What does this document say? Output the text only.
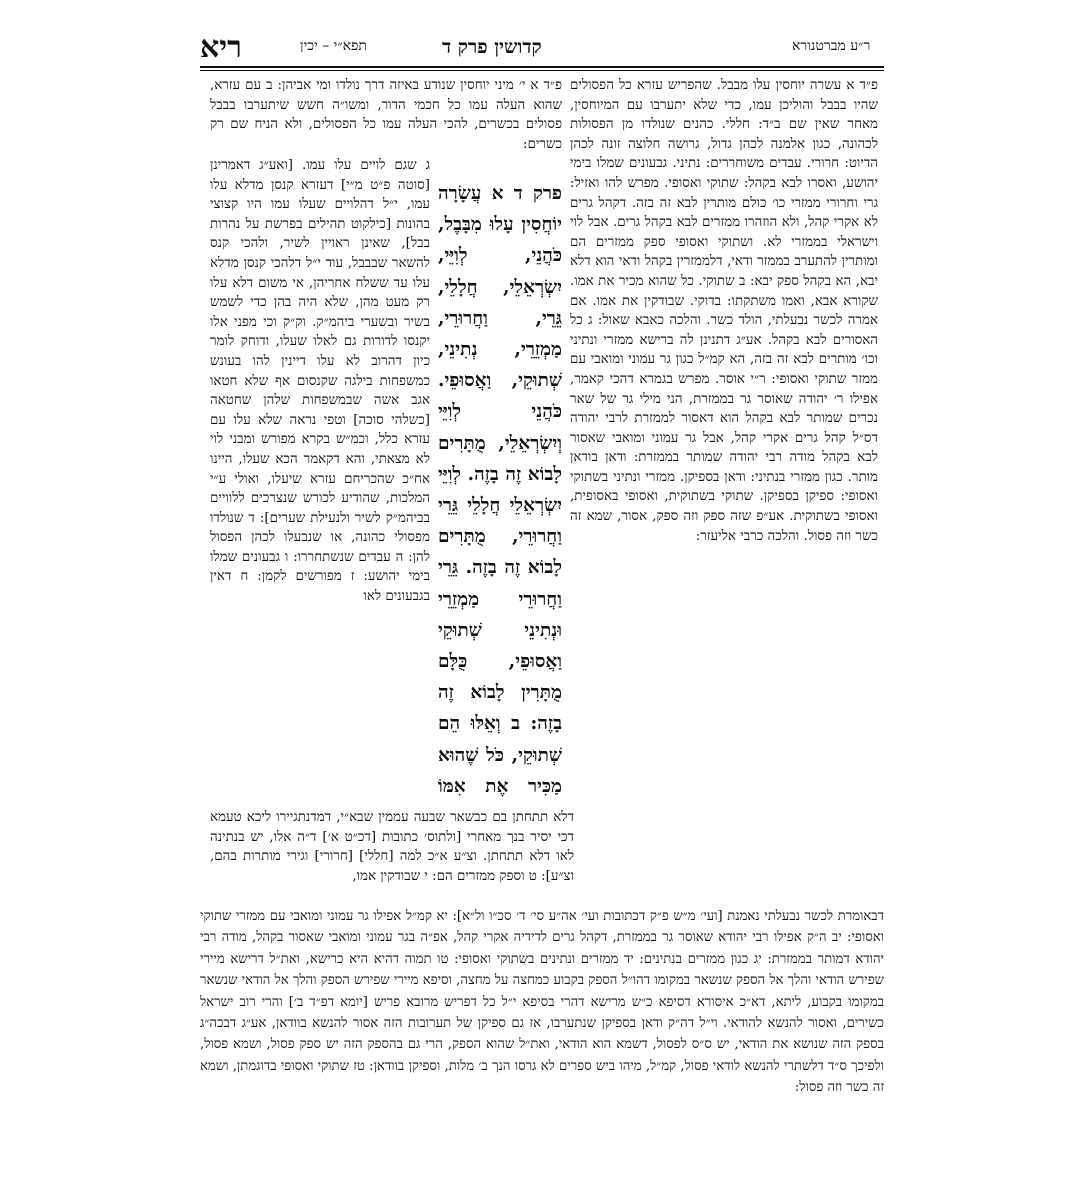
ריא	תפא״י – יכין	קדושין פרק ד	ר״ע מברטנורא
פ״ד א עשרה יוחסין עלו מבבל. שהפריש עזרא כל הפסולים שהיו בבבל והוליכן עמו, כדי שלא יתערבו עם המיוחסין, מאחר שאין שם ב״ד: חללי. כהנים שנולדו מן הפסולות לכהונה, כגון אלמנה לכהן גדול, גרושה חלוצה זונה לכהן הדיוט: חרורי. עבדים משוחררים: נתיני. גבעונים שמלו בימי יהושע, ואסרו לבא בקהל: שתוקי ואסופי. מפרש להו ואזיל: גרי וחרורי ממזרי כו׳ כולם מותרין לבא זה בזה. דקהל גרים לא אקרי קהל, ולא הוזהרו ממזרים לבא בקהל גרים. אבל לוי וישראלי בממזרי לא. ושתוקי ואסופי ספק ממזרים הם ומותרין להתערב בממזר ודאי, דלממזרין בקהל ודאי הוא דלא יבא, הא בקהל ספק יבא: ב שתוקי. כל שהוא מכיר את אמו. שקורא אבא, ואמו משתקתו: בדוקי. שבודקין את אמו. אם אמרה לכשר נבעלתי, הולד כשר. והלכה כאבא שאול: ג כל האסורים לבא בקהל. אע״ג דתנינן לה ברישא ממזרי ונתיני וכו׳ מותרים לבא זה בזה, הא קמ״ל כגון גר עמוני ומואבי עם ממזר שתוקי ואסופי: ר״י אוסר. מפרש בגמרא דהכי קאמר, אפילו ר׳ יהודה שאוסר גר בממזרת, הני מילי גר של שאר נכרים שמותר לבא בקהל הוא דאסור לממזרת לרבי יהודה דס״ל קהל גרים אקרי קהל, אבל גר עמוני ומואבי שאסור לבא בקהל מודה רבי יהודה שמותר בממזרת: ודאן בודאן מותר. כגון ממזרי בנתיני: ודאן בספיקן. ממזרי ונתיני בשתוקי ואסופי: ספיקן בספיקן. שתוקי בשתוקית, ואסופי באסופית, ואסופי בשתוקית. אע״פ שזה ספק וזה ספק, אסור, שמא זה כשר וזה פסול. והלכה כרבי אליעזר:
פ״ד א י׳ מיני יוחסין שנודע באיזה דרך נולדו ומי אביהן: ב עם עזרא, שהוא העלה עמו כל חכמי הדור, ומשו״ה חשש שיתערבו בבבל פסולים בכשרים, להכי העלה עמו כל הפסולים, ולא הניח שם רק כשרים:
פרק ד א עֲשָׂרָה יוֹחֲסִין עָלוּ מִבָּבֶל, כֹּהֲנֵי, לְוִיֵּי, יִשְׂרְאֵלֵי, חֲלָלֵי, גֵּרֵי, וַחֲרוּרֵי, מַמְזֵרֵי, נְתִינֵי, שְׁתוּקֵי, וַאֲסוּפֵי. כֹּהֲנֵי לְוִיֵּי וְיִשְׂרְאֵלֵי, מֻתָּרִים לָבוֹא זֶה בָזֶה. לְוִיֵּי יִשְׂרְאֵלֵי חֲלָלֵי גֵּרֵי וַחֲרוּרֵי, מֻתָּרִים לָבוֹא זֶה בָזֶה. גֵּרֵי וַחֲרוּרֵי מַמְזֵרֵי וּנְתִינֵי שְׁתוּקֵי וַאֲסוּפֵי, כֻּלָּם מֻתָּרִין לָבוֹא זֶה בָזֶה: ב וְאֵלּוּ הֵם שְׁתוּקֵי, כֹּל שֶׁהוּא מַכִּיר אֶת אִמּוֹ
ג שגם לויים עלו עמו. [ואע״ג דאמרינן [סוטה פ״ט מ״י] דעזרא קנסן מדלא עלו עמו, י״ל דהלויים שעלו עמו היו קצוצי בהונות [כילקוט תהילים בפרשת על נהרות בבל], שאינן ראויין לשיר, ולהכי קנס להשאר שבבבל, עוד י״ל דלהכי קנסן מדלא עלו עד ששלח אחריהן, אי משום דלא עלו רק מעט מהן, שלא היה בהן כדי לשמש בשיר ובשערי ביהמ״ק. וק״ק וכי מפני אלו יקנסו לדורות גם לאלו שעלו, ודוחק לומר כיון דהרוב לא עלו דיינין להו בעונש כמשפחות בילגה שקנסום אף שלא חטאו אגב אשה שבמשפחות שלהן שחטאה [כשלהי סוכה] וטפי נראה שלא עלו עם עזרא כלל, וכמ״ש בקרא מפורש ומבני לוי לא מצאתי, והא דקאמר הכא שעלו, היינו אח״כ שהכריחם עזרא שיעלו, ואולי ע״י המלכות, שהודיע לכורש שנצרכים ללוויים בביהמ״ק לשיר ולנעילת שערים]: ד שנולדו מפסולי כהונה, או שנבעלו לכהן הפסול להן: ה עבדים שנשתחררו: ו גבעונים שמלו בימי יהושע: ז מפורשים לקמן: ח דאין בגבעונים לאו
דלא תתחתן בם כבשאר שבעה עממין שבא״י, דמדנתגיירו ליכא טעמא דכי יסיר בנך מאחרי [ולתוס׳ כתובות [דכ״ט א׳] ד״ה אלו, יש בנתינה לאו דלא תתחתן. וצ״ע א״כ למה [חללי] [חרורי] וגירי מותרות בהם, וצ״ע]: ט וספק ממזרים הם: י שבודקין אמו,
דבאומרת לכשר נבעלתי נאמנת [ועי׳ מ״ש פ״ק דכתובות ועי׳ אה״ע סי׳ ד׳ סכ״ו ול״א]: יא קמ״ל אפילו גר עמוני ומואבי עם ממזרי שתוקי ואסופי: יב ה״ק אפילו רבי יהודא שאוסר גר בממזרת, דקהל גרים לדידיה אקרי קהל, אפ״ה בגר עמוני ומואבי שאסור בקהל, מודה רבי יהודא דמותר בממזרת: יג כגון ממזרים בנתינים: יד ממזרים ונתינים בשתוקי ואסופי: טו תמוה דהיא היא כרישא, ואת״ל דרישא מיירי שפירש הודאי והלך אל הספק שנשאר במקומו דהו״ל הספק בקבוע כמחצה על מחצה, וסיפא מיירי שפירש הספק והלך אל הודאי שנשאר במקומו בקבוע, ליתא, דא״כ איסורא דסיפא כ״ש מרישא דהרי בסיפא י״ל כל דפריש מרובא פריש [יומא דפ״ד ב׳] והרי רוב ישראל כשירים, ואסור להנשא להודאי. וי״ל דה״ק ודאן בספיקן שנתערבו, אז גם ספיקן של תערובות הזה אסור להנשא בוודאן, אע״ג דבכה״ג בספק הזה שנושא את הודאי, יש ס״ס לפסול, דשמא הוא הודאי, ואת״ל שהוא הספק, הרי גם בהספק הזה יש ספק פסול, ושמא פסול, ולפיכך ס״ד דלשתרי להנשא לודאי פסול, קמ״ל, מיהו ביש ספרים לא גרסו הנך ב׳ מלות, וספיקן בוודאן: טז שתוקי ואסופי בדוגמתן, ושמא זה כשר וזה פסול:
